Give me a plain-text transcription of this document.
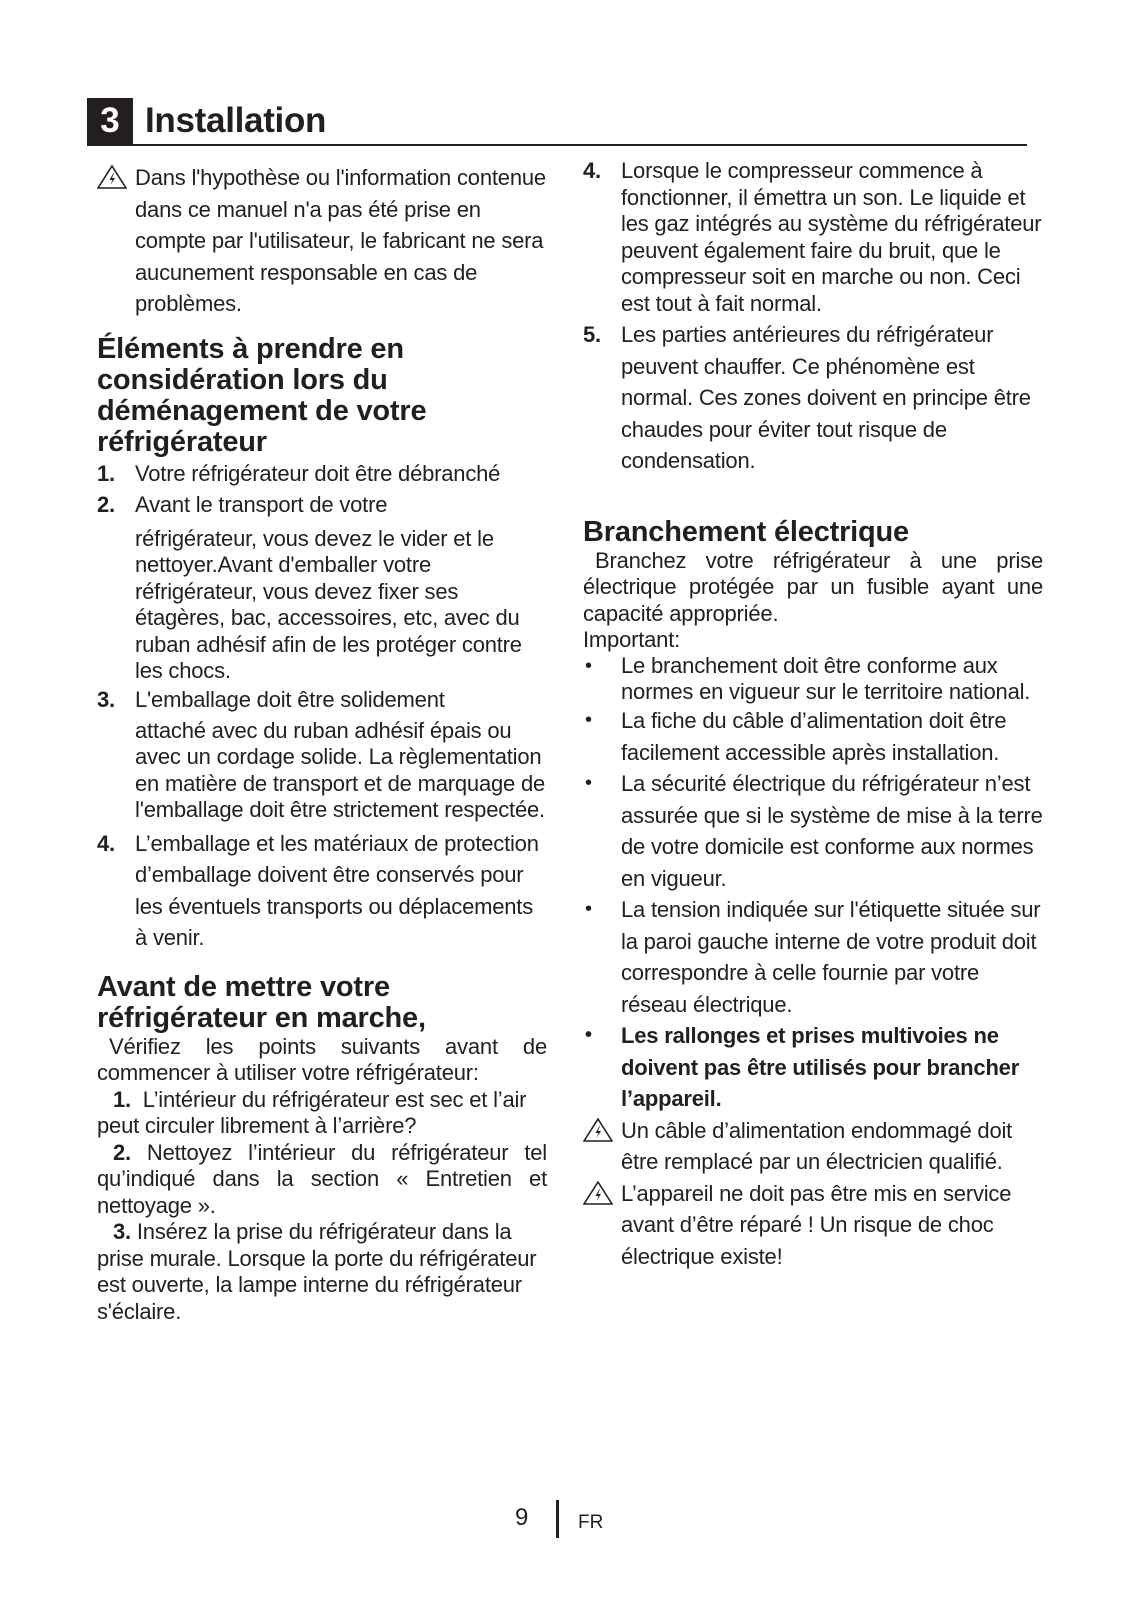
3 Installation
Dans l'hypothèse ou l'information contenue dans ce manuel n'a pas été prise en compte par l'utilisateur, le fabricant ne sera aucunement responsable en cas de problèmes.
Éléments à prendre en considération lors du déménagement de votre réfrigérateur
1. Votre réfrigérateur doit être débranché
2. Avant le transport de votre
réfrigérateur, vous devez le vider et le nettoyer.Avant d'emballer votre réfrigérateur, vous devez fixer ses étagères, bac, accessoires, etc, avec du ruban adhésif afin de les protéger contre les chocs.
3. L'emballage doit être solidement
attaché avec du ruban adhésif épais ou avec un cordage solide. La règlementation en matière de transport et de marquage de l'emballage doit être strictement respectée.
4. L’emballage et les matériaux de protection d’emballage doivent être conservés pour les éventuels transports ou déplacements à venir.
Avant de mettre votre réfrigérateur en marche,
Vérifiez les points suivants avant de commencer à utiliser votre réfrigérateur:
1. L’intérieur du réfrigérateur est sec et l’air peut circuler librement à l’arrière?
2. Nettoyez l’intérieur du réfrigérateur tel qu’indiqué dans la section « Entretien et nettoyage ».
3. Insérez la prise du réfrigérateur dans la prise murale. Lorsque la porte du réfrigérateur est ouverte, la lampe interne du réfrigérateur s'éclaire.
4. Lorsque le compresseur commence à fonctionner, il émettra un son. Le liquide et les gaz intégrés au système du réfrigérateur peuvent également faire du bruit, que le compresseur soit en marche ou non. Ceci est tout à fait normal.
5. Les parties antérieures du réfrigérateur peuvent chauffer. Ce phénomène est normal. Ces zones doivent en principe être chaudes pour éviter tout risque de condensation.
Branchement électrique
Branchez votre réfrigérateur à une prise électrique protégée par un fusible ayant une capacité appropriée.
Important:
• Le branchement doit être conforme aux normes en vigueur sur le territoire national.
• La fiche du câble d’alimentation doit être facilement accessible après installation.
• La sécurité électrique du réfrigérateur n’est assurée que si le système de mise à la terre de votre domicile est conforme aux normes en vigueur.
• La tension indiquée sur l'étiquette située sur la paroi gauche interne de votre produit doit correspondre à celle fournie par votre réseau électrique.
• Les rallonges et prises multivoies ne doivent pas être utilisés pour brancher l’appareil.
Un câble d’alimentation endommagé doit être remplacé par un électricien qualifié.
L’appareil ne doit pas être mis en service avant d’être réparé ! Un risque de choc électrique existe!
9	FR
